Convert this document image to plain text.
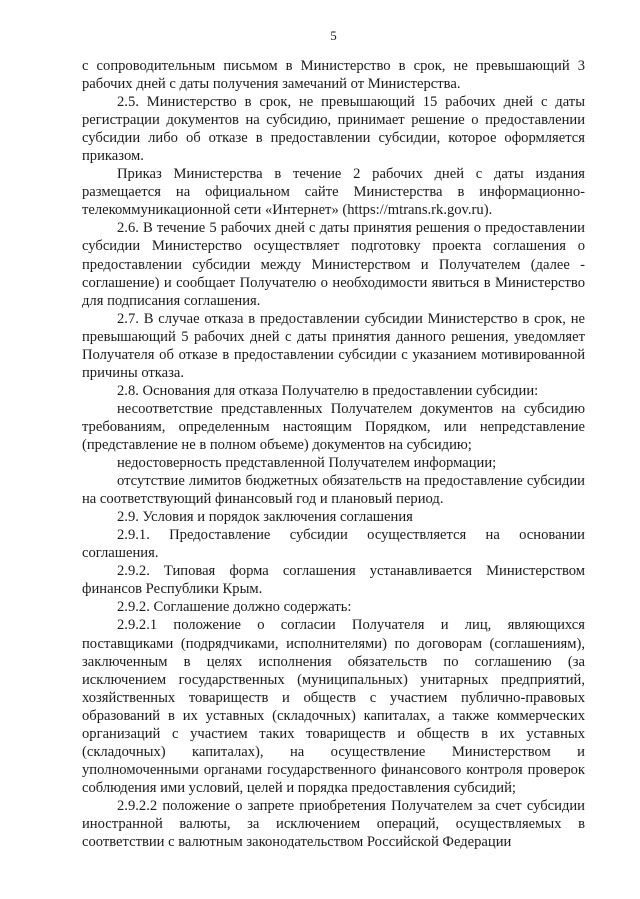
5

с сопроводительным письмом в Министерство в срок, не превышающий 3 рабочих дней с даты получения замечаний от Министерства.

2.5. Министерство в срок, не превышающий 15 рабочих дней с даты регистрации документов на субсидию, принимает решение о предоставлении субсидии либо об отказе в предоставлении субсидии, которое оформляется приказом.

Приказ Министерства в течение 2 рабочих дней с даты издания размещается на официальном сайте Министерства в информационно-телекоммуникационной сети «Интернет» (https://mtrans.rk.gov.ru).

2.6. В течение 5 рабочих дней с даты принятия решения о предоставлении субсидии Министерство осуществляет подготовку проекта соглашения о предоставлении субсидии между Министерством и Получателем (далее - соглашение) и сообщает Получателю о необходимости явиться в Министерство для подписания соглашения.

2.7. В случае отказа в предоставлении субсидии Министерство в срок, не превышающий 5 рабочих дней с даты принятия данного решения, уведомляет Получателя об отказе в предоставлении субсидии с указанием мотивированной причины отказа.

2.8. Основания для отказа Получателю в предоставлении субсидии:

несоответствие представленных Получателем документов на субсидию требованиям, определенным настоящим Порядком, или непредставление (представление не в полном объеме) документов на субсидию;

недостоверность представленной Получателем информации;

отсутствие лимитов бюджетных обязательств на предоставление субсидии на соответствующий финансовый год и плановый период.

2.9. Условия и порядок заключения соглашения

2.9.1. Предоставление субсидии осуществляется на основании соглашения.

2.9.2. Типовая форма соглашения устанавливается Министерством финансов Республики Крым.

2.9.2. Соглашение должно содержать:

2.9.2.1 положение о согласии Получателя и лиц, являющихся поставщиками (подрядчиками, исполнителями) по договорам (соглашениям), заключенным в целях исполнения обязательств по соглашению (за исключением государственных (муниципальных) унитарных предприятий, хозяйственных товариществ и обществ с участием публично-правовых образований в их уставных (складочных) капиталах, а также коммерческих организаций с участием таких товариществ и обществ в их уставных (складочных) капиталах), на осуществление Министерством и уполномоченными органами государственного финансового контроля проверок соблюдения ими условий, целей и порядка предоставления субсидий;

2.9.2.2 положение о запрете приобретения Получателем за счет субсидии иностранной валюты, за исключением операций, осуществляемых в соответствии с валютным законодательством Российской Федерации
